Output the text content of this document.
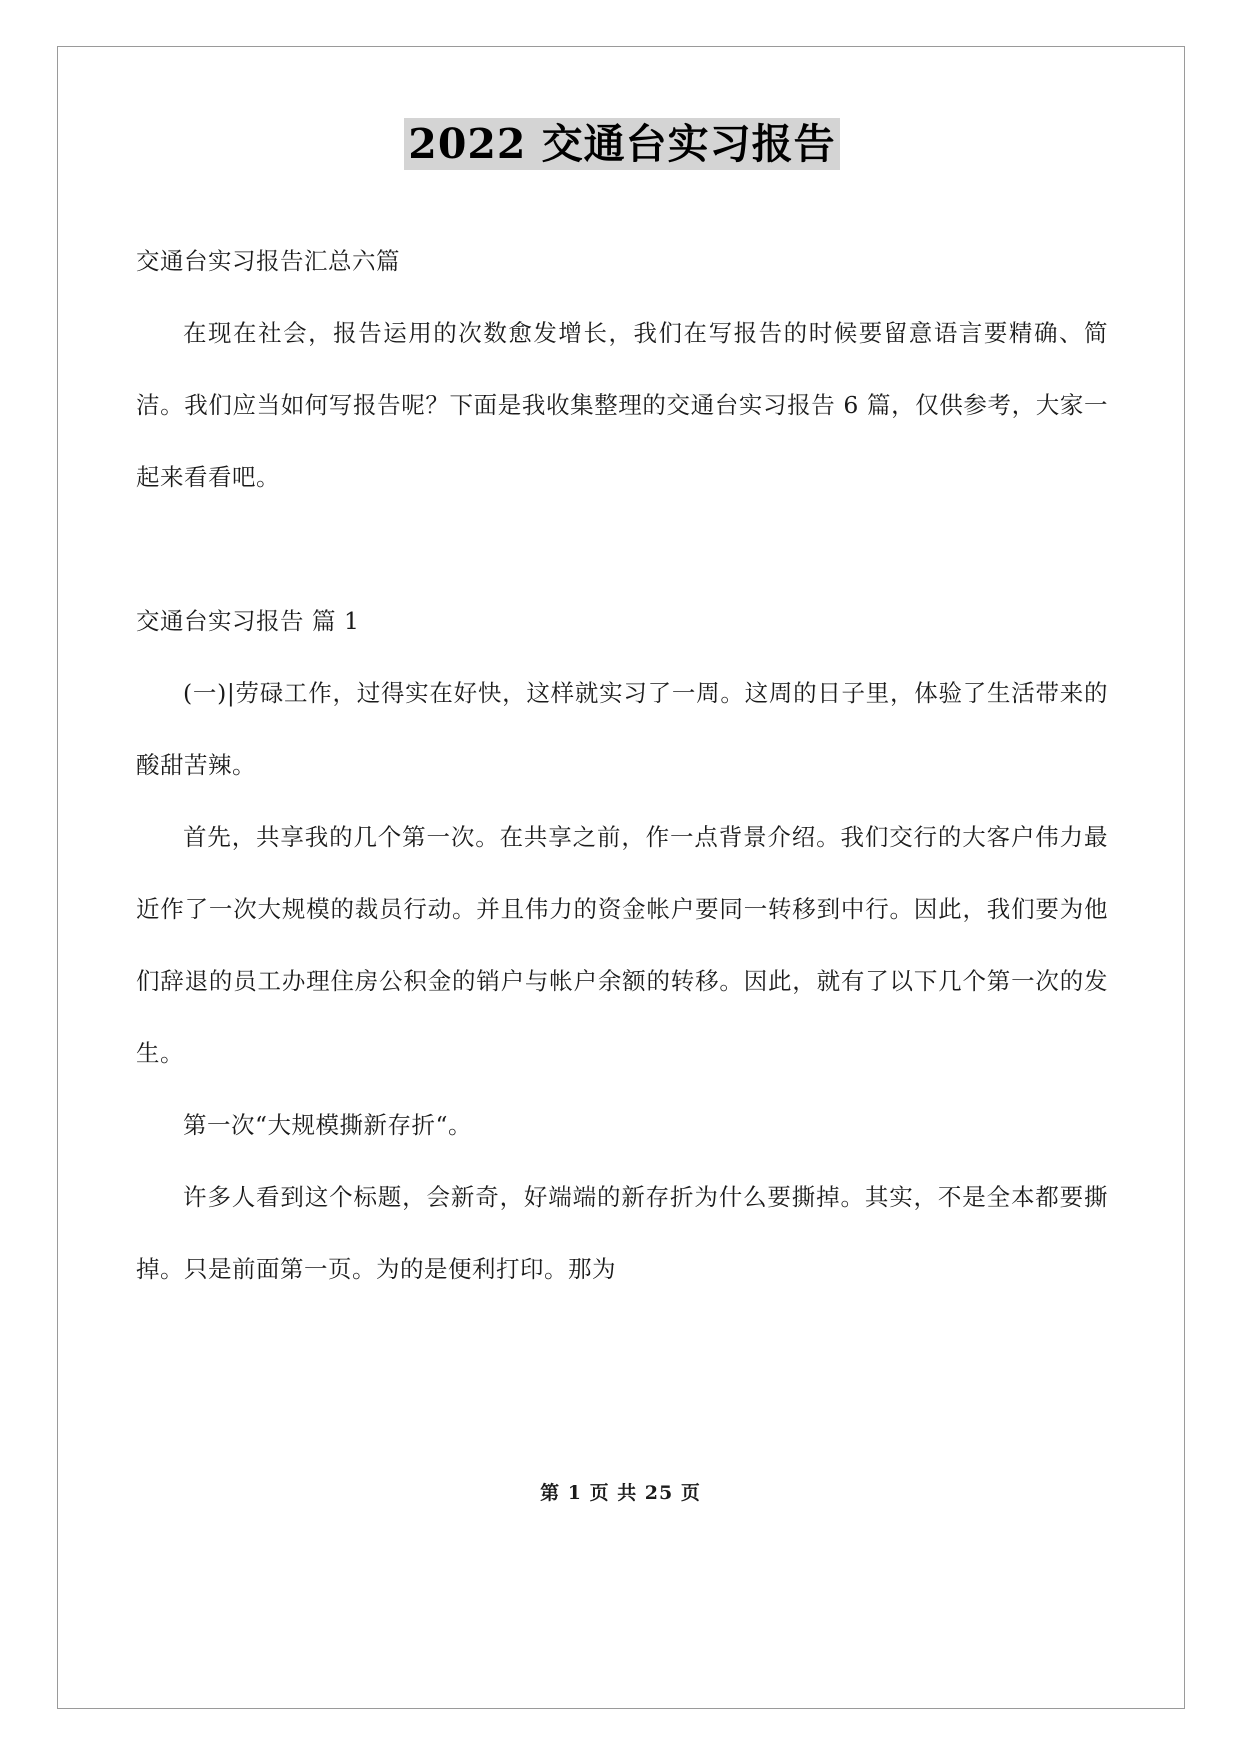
2022 交通台实习报告

交通台实习报告汇总六篇

在现在社会，报告运用的次数愈发增长，我们在写报告的时候要留意语言要精确、简洁。我们应当如何写报告呢？下面是我收集整理的交通台实习报告 6 篇，仅供参考，大家一起来看看吧。

交通台实习报告 篇 1

(一)|劳碌工作，过得实在好快，这样就实习了一周。这周的日子里，体验了生活带来的酸甜苦辣。

首先，共享我的几个第一次。在共享之前，作一点背景介绍。我们交行的大客户伟力最近作了一次大规模的裁员行动。并且伟力的资金帐户要同一转移到中行。因此，我们要为他们辞退的员工办理住房公积金的销户与帐户余额的转移。因此，就有了以下几个第一次的发生。

第一次“大规模撕新存折“。

许多人看到这个标题，会新奇，好端端的新存折为什么要撕掉。其实，不是全本都要撕掉。只是前面第一页。为的是便利打印。那为

第 1 页 共 25 页
